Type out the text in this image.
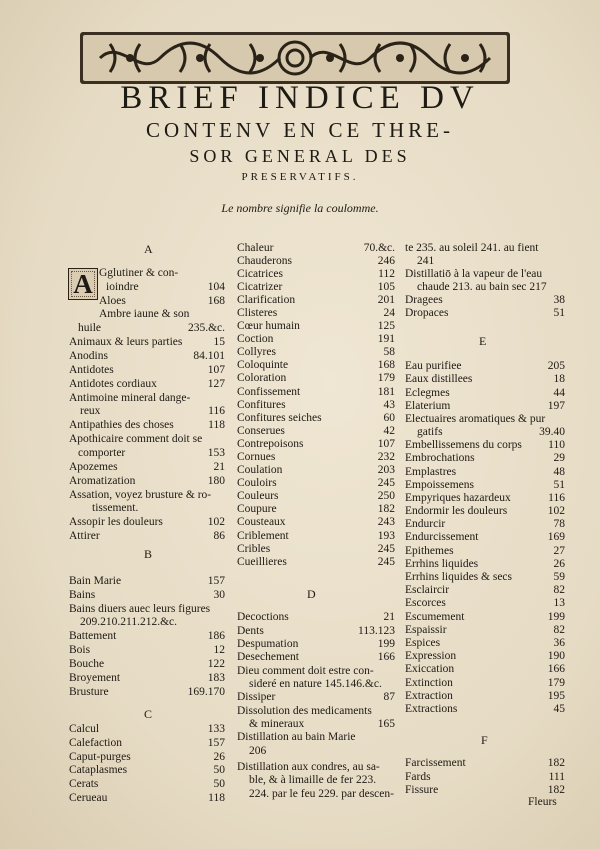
BRIEF INDICE DV
CONTENV EN CE THRE-
SOR GENERAL DES
PRESERVATIFS.
Le nombre signifie la coulomme.
A
A
B
C
Gglutiner & con-
ioindre	104
Aloes	168
Ambre iaune & son
huile	235.&c.
Animaux & leurs parties	15
Anodins	84.101
Antidotes	107
Antidotes cordiaux	127
Antimoine mineral dange-
reux	116
Antipathies des choses	118
Apothicaire comment doit se
comporter	153
Apozemes	21
Aromatization	180
Assation, voyez brusture & ro-
tissement.
Assopir les douleurs	102
Attirer	86
Bain Marie	157
Bains	30
Bains diuers auec leurs figures
209.210.211.212.&c.
Battement	186
Bois	12
Bouche	122
Broyement	183
Brusture	169.170
Calcul	133
Calefaction	157
Caput-purges	26
Cataplasmes	50
Cerats	50
Cerueau	118
D
Chaleur	70.&c.
Chauderons	246
Cicatrices	112
Cicatrizer	105
Clarification	201
Clisteres	24
Cœur humain	125
Coction	191
Collyres	58
Coloquinte	168
Coloration	179
Confissement	181
Confitures	43
Confitures seiches	60
Conserues	42
Contrepoisons	107
Cornues	232
Coulation	203
Couloirs	245
Couleurs	250
Coupure	182
Cousteaux	243
Criblement	193
Cribles	245
Cueillieres	245
Decoctions	21
Dents	113.123
Despumation	199
Desechement	166
Dieu comment doit estre con-
sideré en nature 145.146.&c.
Dissiper	87
Dissolution des medicaments
& mineraux	165
Distillation au bain Marie
206
Distillation aux condres, au sa-
ble, & à limaille de fer 223.
224. par le feu 229. par descen-
E
F
te 235. au soleil 241. au fient
241
Distillatiō à la vapeur de l'eau
chaude 213. au bain sec 217
Dragees	38
Dropaces	51
Eau purifiee	205
Eaux distillees	18
Eclegmes	44
Elaterium	197
Electuaires aromatiques & pur
gatifs	39.40
Embellissemens du corps 110
Embrochations	29
Emplastres	48
Empoissemens	51
Empyriques hazardeux	116
Endormir les douleurs	102
Endurcir	78
Endurcissement	169
Epithemes	27
Errhins liquides	26
Errhins liquides & secs	59
Esclaircir	82
Escorces	13
Escumement	199
Espaissir	82
Espices	36
Expression	190
Exiccation	166
Extinction	179
Extraction	195
Extractions	45
Farcissement	182
Fards	111
Fissure	182
Fleurs
